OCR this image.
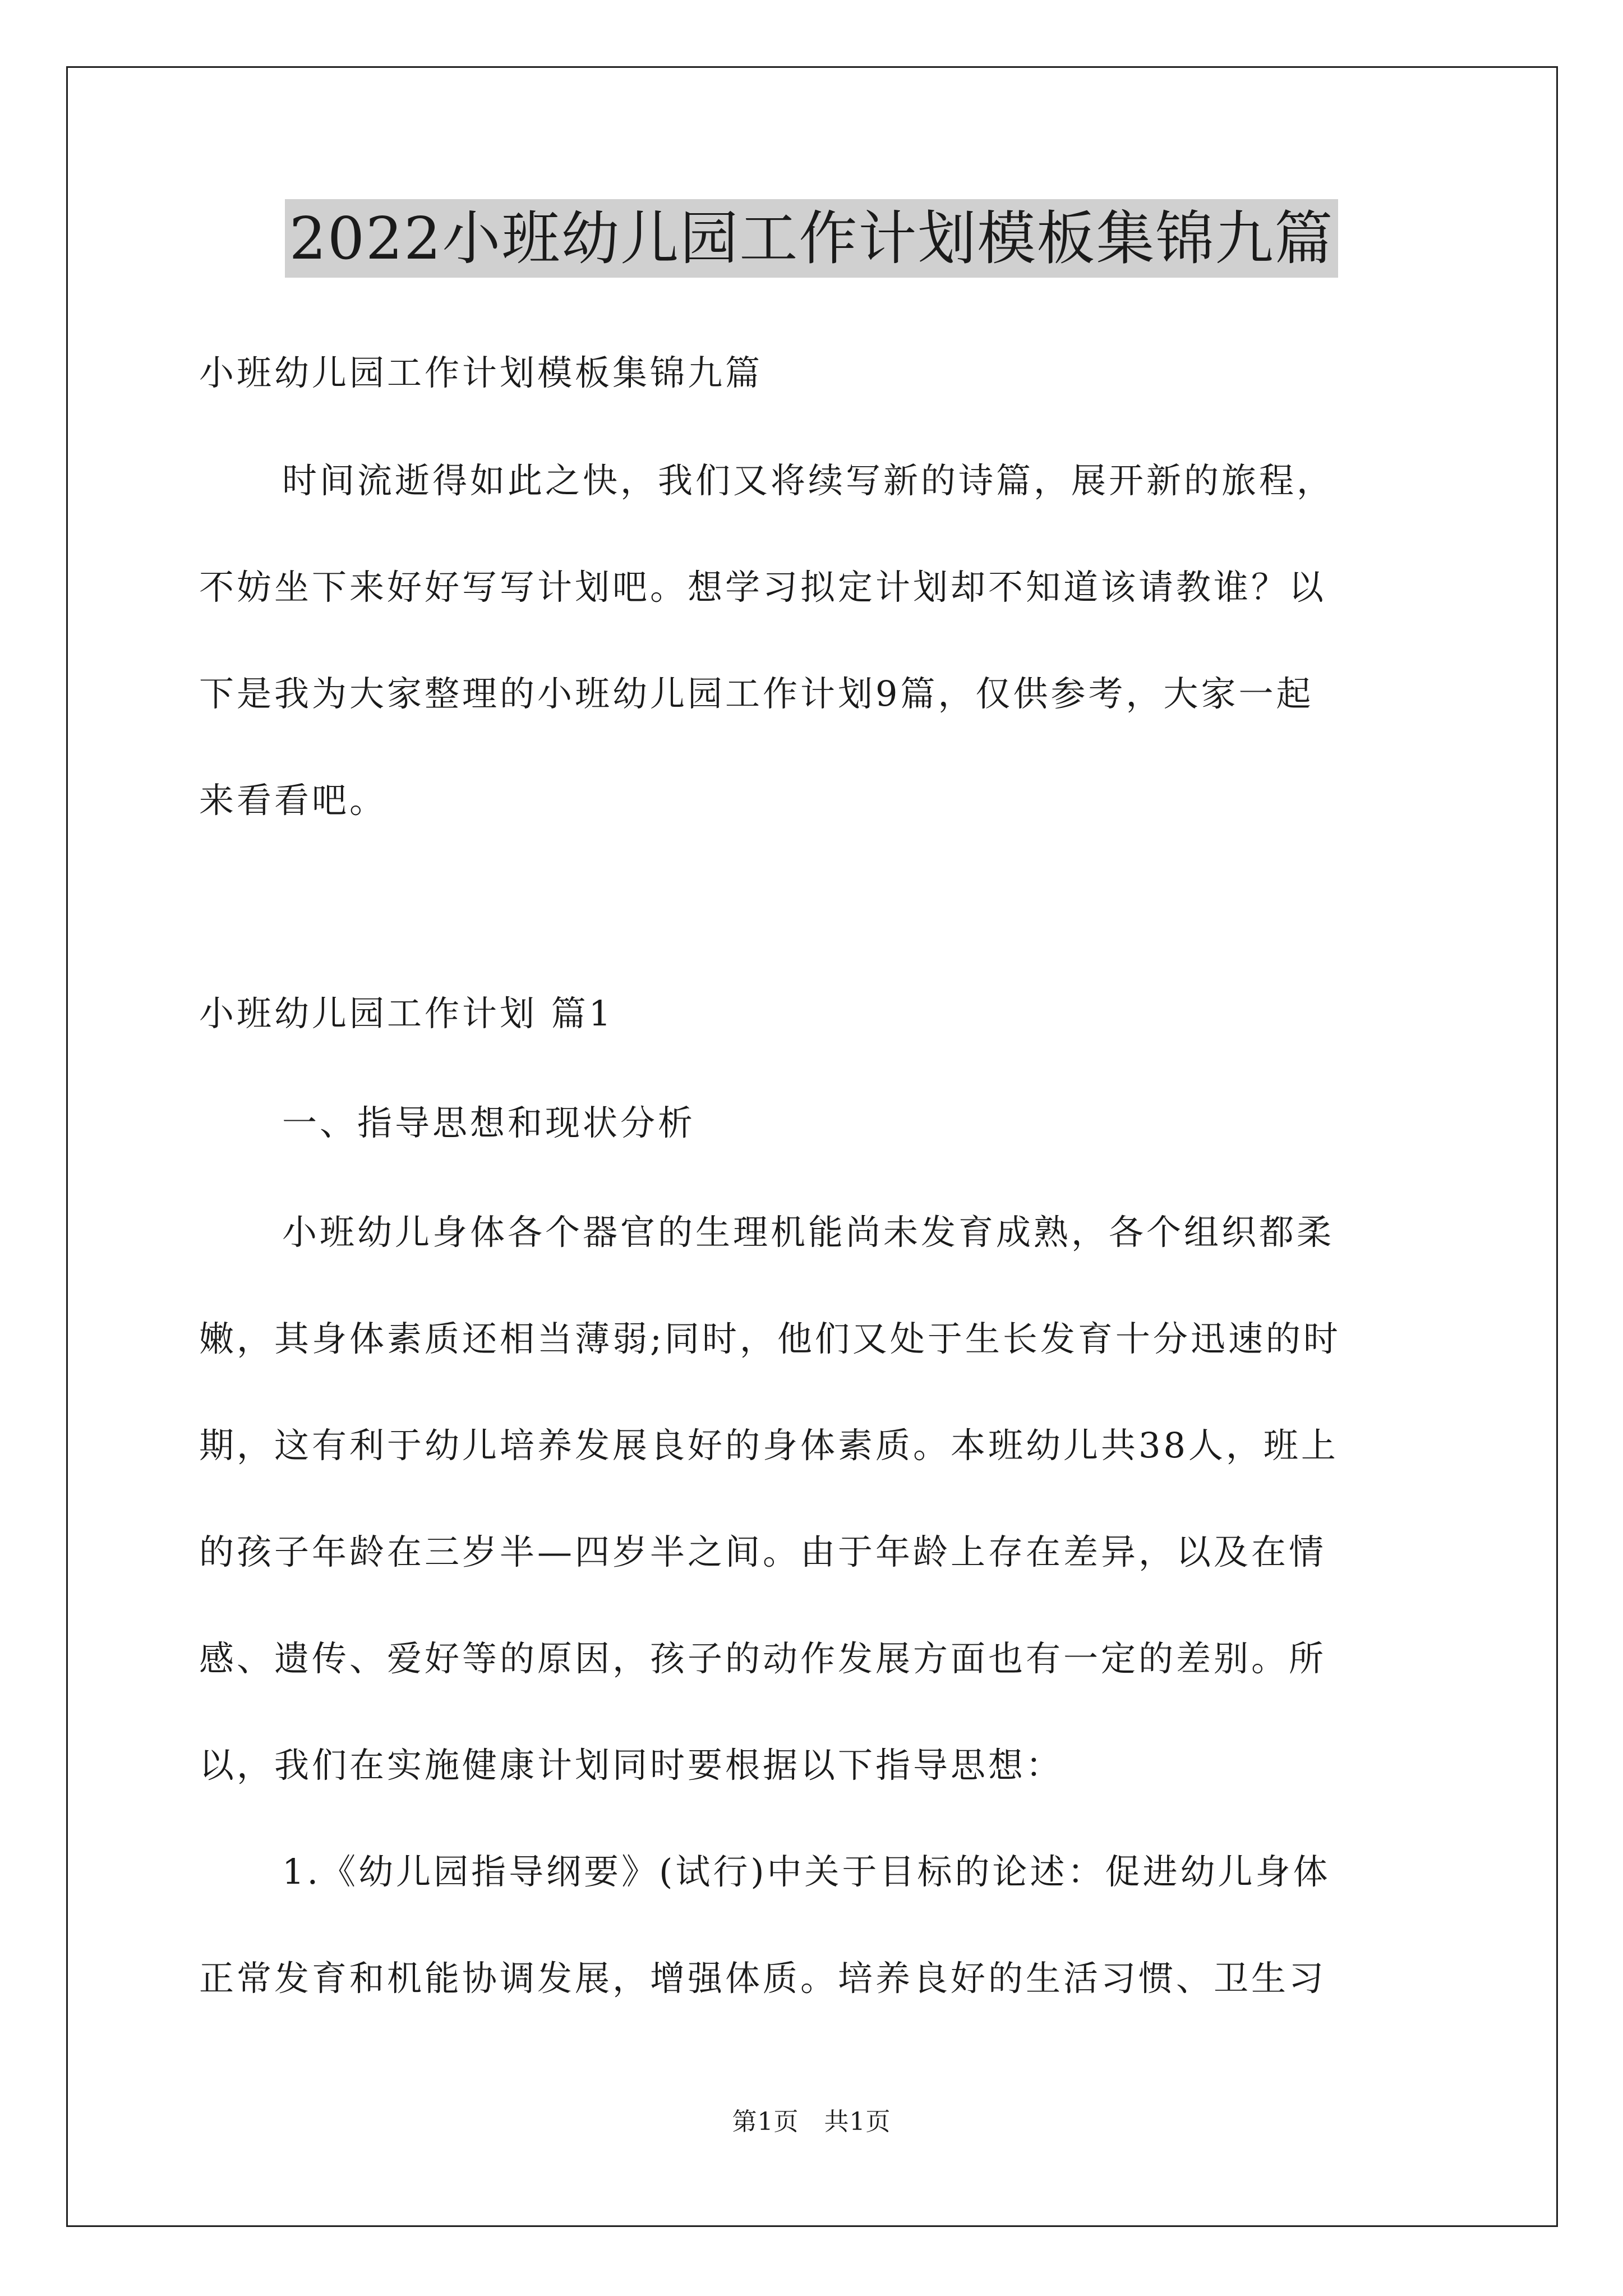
2022小班幼儿园工作计划模板集锦九篇
小班幼儿园工作计划模板集锦九篇
时间流逝得如此之快，我们又将续写新的诗篇，展开新的旅程，
不妨坐下来好好写写计划吧。想学习拟定计划却不知道该请教谁？以
下是我为大家整理的小班幼儿园工作计划9篇，仅供参考，大家一起
来看看吧。
小班幼儿园工作计划 篇1
一、指导思想和现状分析
小班幼儿身体各个器官的生理机能尚未发育成熟，各个组织都柔
嫩，其身体素质还相当薄弱;同时，他们又处于生长发育十分迅速的时
期，这有利于幼儿培养发展良好的身体素质。本班幼儿共38人，班上
的孩子年龄在三岁半—四岁半之间。由于年龄上存在差异，以及在情
感、遗传、爱好等的原因，孩子的动作发展方面也有一定的差别。所
以，我们在实施健康计划同时要根据以下指导思想：
1.《幼儿园指导纲要》(试行)中关于目标的论述：促进幼儿身体
正常发育和机能协调发展，增强体质。培养良好的生活习惯、卫生习
第1页   共1页
